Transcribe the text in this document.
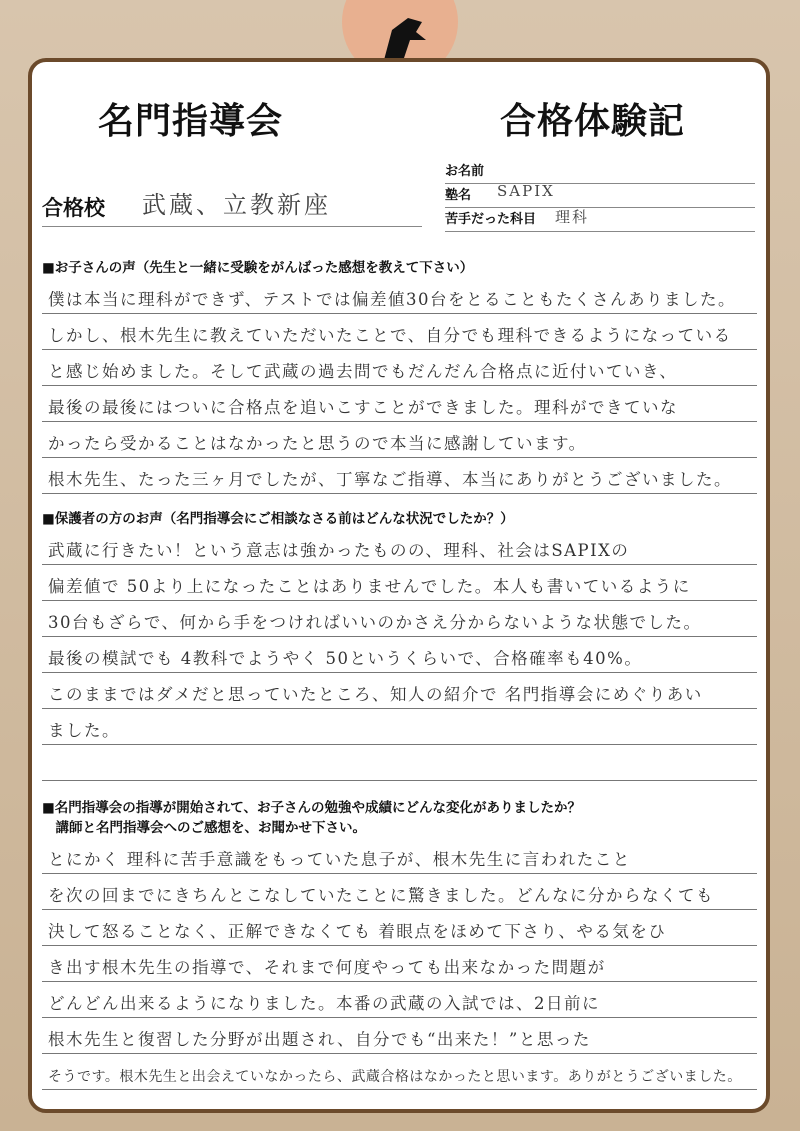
名門指導会	合格体験記
お名前
塾名 SAPIX
苦手だった科目 理科
合格校 武蔵、立教新座
■お子さんの声（先生と一緒に受験をがんばった感想を教えて下さい）
僕は本当に理科ができず、テストでは偏差値30台をとることもたくさんありました。
しかし、根木先生に教えていただいたことで、自分でも理科できるようになっている
と感じ始めました。そして武蔵の過去問でもだんだん合格点に近付いていき、
最後の最後にはついに合格点を追いこすことができました。理科ができていな
かったら受かることはなかったと思うので本当に感謝しています。
根木先生、たった三ヶ月でしたが、丁寧なご指導、本当にありがとうございました。
■保護者の方のお声（名門指導会にご相談なさる前はどんな状況でしたか？）
武蔵に行きたい！という意志は強かったものの、理科、社会はSAPIXの
偏差値で 50より上になったことはありませんでした。本人も書いているように
30台もざらで、何から手をつければいいのかさえ分からないような状態でした。
最後の模試でも 4教科でようやく 50というくらいで、合格確率も40%。
このままではダメだと思っていたところ、知人の紹介で 名門指導会にめぐりあい
ました。
■名門指導会の指導が開始されて、お子さんの勉強や成績にどんな変化がありましたか？
　講師と名門指導会へのご感想を、お聞かせ下さい。
とにかく 理科に苦手意識をもっていた息子が、根木先生に言われたこと
を次の回までにきちんとこなしていたことに驚きました。どんなに分からなくても
決して怒ることなく、正解できなくても 着眼点をほめて下さり、やる気をひ
き出す根木先生の指導で、それまで何度やっても出来なかった問題が
どんどん出来るようになりました。本番の武蔵の入試では、2日前に
根木先生と復習した分野が出題され、自分でも“出来た！”と思った
そうです。根木先生と出会えていなかったら、武蔵合格はなかったと思います。ありがとうございました。
